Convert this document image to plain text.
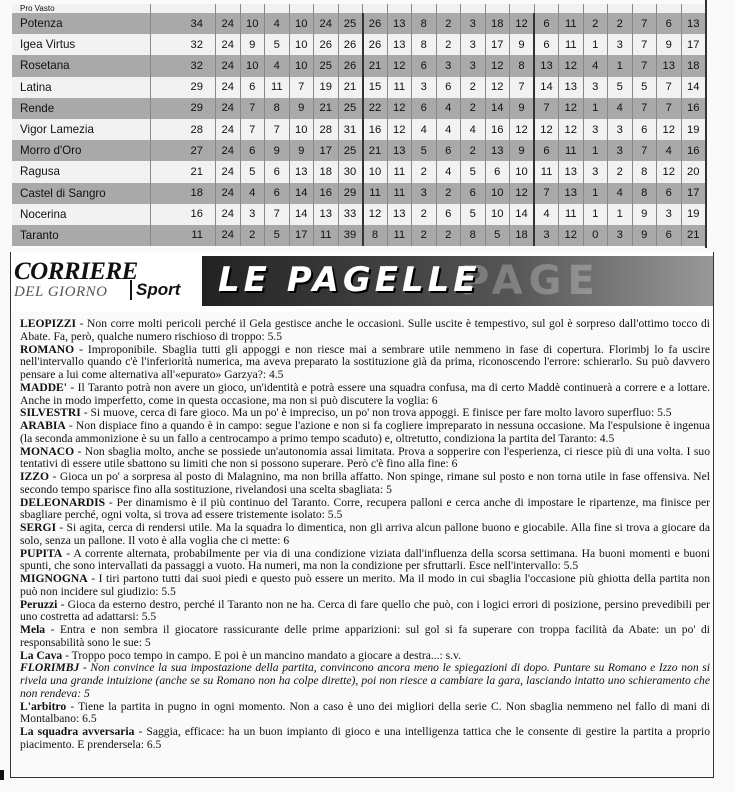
Pro Vasto																					
Potenza	34	24	10	4	10	24	25	26	13	8	2	3	18	12	6	11	2	2	7	6	13
Igea Virtus	32	24	9	5	10	26	26	26	13	8	2	3	17	9	6	11	1	3	7	9	17
Rosetana	32	24	10	4	10	25	26	21	12	6	3	3	12	8	13	12	4	1	7	13	18
Latina	29	24	6	11	7	19	21	15	11	3	6	2	12	7	14	13	3	5	5	7	14
Rende	29	24	7	8	9	21	25	22	12	6	4	2	14	9	7	12	1	4	7	7	16
Vigor Lamezia	28	24	7	7	10	28	31	16	12	4	4	4	16	12	12	12	3	3	6	12	19
Morro d'Oro	27	24	6	9	9	17	25	21	13	5	6	2	13	9	6	11	1	3	7	4	16
Ragusa	21	24	5	6	13	18	30	10	11	2	4	5	6	10	11	13	3	2	8	12	20
Castel di Sangro	18	24	4	6	14	16	29	11	11	3	2	6	10	12	7	13	1	4	8	6	17
Nocerina	16	24	3	7	14	13	33	12	13	2	6	5	10	14	4	11	1	1	9	3	19
Taranto	11	24	2	5	17	11	39	8	11	2	2	8	5	18	3	12	0	3	9	6	21
CORRIERE
DEL GIORNO	Sport	PAGE
LE PAGELLE

LEOPIZZI - Non corre molti pericoli perché il Gela gestisce anche le occasioni. Sulle uscite è tempestivo, sul gol è sorpreso dall'ottimo tocco di Abate. Fa, però, qualche numero rischioso di troppo: 5.5

ROMANO - Improponibile. Sbaglia tutti gli appoggi e non riesce mai a sembrare utile nemmeno in fase di copertura. Florimbj lo fa uscire nell'intervallo quando c'è l'inferiorità numerica, ma aveva preparato la sostituzione già da prima, riconoscendo l'errore: schierarlo. Su può davvero pensare a lui come alternativa all'«epurato» Garzya?: 4.5

MADDE' - Il Taranto potrà non avere un gioco, un'identità e potrà essere una squadra confusa, ma di certo Maddè continuerà a correre e a lottare. Anche in modo imperfetto, come in questa occasione, ma non si può discutere la voglia: 6

SILVESTRI - Si muove, cerca di fare gioco. Ma un po' è impreciso, un po' non trova appoggi. E finisce per fare molto lavoro superfluo: 5.5

ARABIA - Non dispiace fino a quando è in campo: segue l'azione e non si fa cogliere impreparato in nessuna occasione. Ma l'espulsione è ingenua (la seconda ammonizione è su un fallo a centrocampo a primo tempo scaduto) e, oltretutto, condiziona la partita del Taranto: 4.5

MONACO - Non sbaglia molto, anche se possiede un'autonomia assai limitata. Prova a sopperire con l'esperienza, ci riesce più di una volta. I suo tentativi di essere utile sbattono su limiti che non si possono superare. Però c'è fino alla fine: 6

IZZO - Gioca un po' a sorpresa al posto di Malagnino, ma non brilla affatto. Non spinge, rimane sul posto e non torna utile in fase offensiva. Nel secondo tempo sparisce fino alla sostituzione, rivelandosi una scelta sbagliata: 5

DELEONARDIS - Per dinamismo è il più continuo del Taranto. Corre, recupera palloni e cerca anche di impostare le ripartenze, ma finisce per sbagliare perché, ogni volta, si trova ad essere tristemente isolato: 5.5

SERGI - Si agita, cerca di rendersi utile. Ma la squadra lo dimentica, non gli arriva alcun pallone buono e giocabile. Alla fine si trova a giocare da solo, senza un pallone. Il voto è alla voglia che ci mette: 6

PUPITA - A corrente alternata, probabilmente per via di una condizione viziata dall'influenza della scorsa settimana. Ha buoni momenti e buoni spunti, che sono intervallati da passaggi a vuoto. Ha numeri, ma non la condizione per sfruttarli. Esce nell'intervallo: 5.5

MIGNOGNA - I tiri partono tutti dai suoi piedi e questo può essere un merito. Ma il modo in cui sbaglia l'occasione più ghiotta della partita non può non incidere sul giudizio: 5.5

Peruzzi - Gioca da esterno destro, perché il Taranto non ne ha. Cerca di fare quello che può, con i logici errori di posizione, persino prevedibili per uno costretta ad adattarsi: 5.5

Mela - Entra e non sembra il giocatore rassicurante delle prime apparizioni: sul gol si fa superare con troppa facilità da Abate: un po' di responsabilità sono le sue: 5

La Cava - Troppo poco tempo in campo. E poi è un mancino mandato a giocare a destra...: s.v.

FLORIMBJ - Non convince la sua impostazione della partita, convincono ancora meno le spiegazioni di dopo. Puntare su Romano e Izzo non si rivela una grande intuizione (anche se su Romano non ha colpe dirette), poi non riesce a cambiare la gara, lasciando intatto uno schieramento che non rendeva: 5

L'arbitro - Tiene la partita in pugno in ogni momento. Non a caso è uno dei migliori della serie C. Non sbaglia nemmeno nel fallo di mani di Montalbano: 6.5

La squadra avversaria - Saggia, efficace: ha un buon impianto di gioco e una intelligenza tattica che le consente di gestire la partita a proprio piacimento. E prendersela: 6.5
